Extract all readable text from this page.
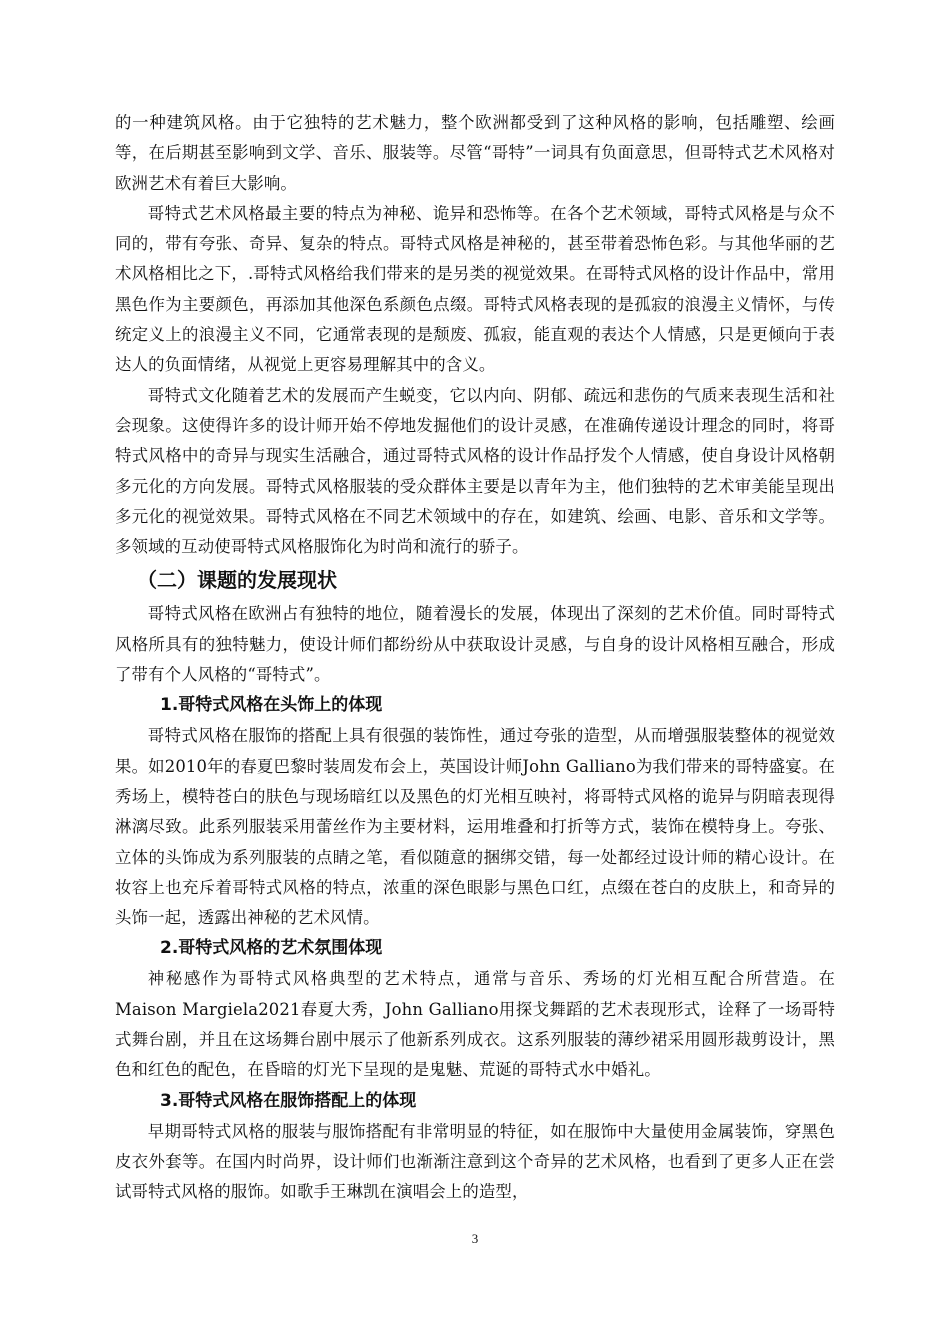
的一种建筑风格。由于它独特的艺术魅力，整个欧洲都受到了这种风格的影响，包括雕塑、绘画等，在后期甚至影响到文学、音乐、服装等。尽管“哥特”一词具有负面意思，但哥特式艺术风格对欧洲艺术有着巨大影响。

哥特式艺术风格最主要的特点为神秘、诡异和恐怖等。在各个艺术领域，哥特式风格是与众不同的，带有夸张、奇异、复杂的特点。哥特式风格是神秘的，甚至带着恐怖色彩。与其他华丽的艺术风格相比之下，.哥特式风格给我们带来的是另类的视觉效果。在哥特式风格的设计作品中，常用黑色作为主要颜色，再添加其他深色系颜色点缀。哥特式风格表现的是孤寂的浪漫主义情怀，与传统定义上的浪漫主义不同，它通常表现的是颓废、孤寂，能直观的表达个人情感，只是更倾向于表达人的负面情绪，从视觉上更容易理解其中的含义。

哥特式文化随着艺术的发展而产生蜕变，它以内向、阴郁、疏远和悲伤的气质来表现生活和社会现象。这使得许多的设计师开始不停地发掘他们的设计灵感，在准确传递设计理念的同时，将哥特式风格中的奇异与现实生活融合，通过哥特式风格的设计作品抒发个人情感，使自身设计风格朝多元化的方向发展。哥特式风格服装的受众群体主要是以青年为主，他们独特的艺术审美能呈现出多元化的视觉效果。哥特式风格在不同艺术领域中的存在，如建筑、绘画、电影、音乐和文学等。多领域的互动使哥特式风格服饰化为时尚和流行的骄子。

（二）课题的发展现状

哥特式风格在欧洲占有独特的地位，随着漫长的发展，体现出了深刻的艺术价值。同时哥特式风格所具有的独特魅力，使设计师们都纷纷从中获取设计灵感，与自身的设计风格相互融合，形成了带有个人风格的“哥特式”。

1.哥特式风格在头饰上的体现

哥特式风格在服饰的搭配上具有很强的装饰性，通过夸张的造型，从而增强服装整体的视觉效果。如2010年的春夏巴黎时装周发布会上，英国设计师John Galliano为我们带来的哥特盛宴。在秀场上，模特苍白的肤色与现场暗红以及黑色的灯光相互映衬，将哥特式风格的诡异与阴暗表现得淋漓尽致。此系列服装采用蕾丝作为主要材料，运用堆叠和打折等方式，装饰在模特身上。夸张、立体的头饰成为系列服装的点睛之笔，看似随意的捆绑交错，每一处都经过设计师的精心设计。在妆容上也充斥着哥特式风格的特点，浓重的深色眼影与黑色口红，点缀在苍白的皮肤上，和奇异的头饰一起，透露出神秘的艺术风情。

2.哥特式风格的艺术氛围体现

神秘感作为哥特式风格典型的艺术特点，通常与音乐、秀场的灯光相互配合所营造。在Maison Margiela2021春夏大秀，John Galliano用探戈舞蹈的艺术表现形式，诠释了一场哥特式舞台剧，并且在这场舞台剧中展示了他新系列成衣。这系列服装的薄纱裙采用圆形裁剪设计，黑色和红色的配色，在昏暗的灯光下呈现的是鬼魅、荒诞的哥特式水中婚礼。

3.哥特式风格在服饰搭配上的体现

早期哥特式风格的服装与服饰搭配有非常明显的特征，如在服饰中大量使用金属装饰，穿黑色皮衣外套等。在国内时尚界，设计师们也渐渐注意到这个奇异的艺术风格，也看到了更多人正在尝试哥特式风格的服饰。如歌手王琳凯在演唱会上的造型，

3
